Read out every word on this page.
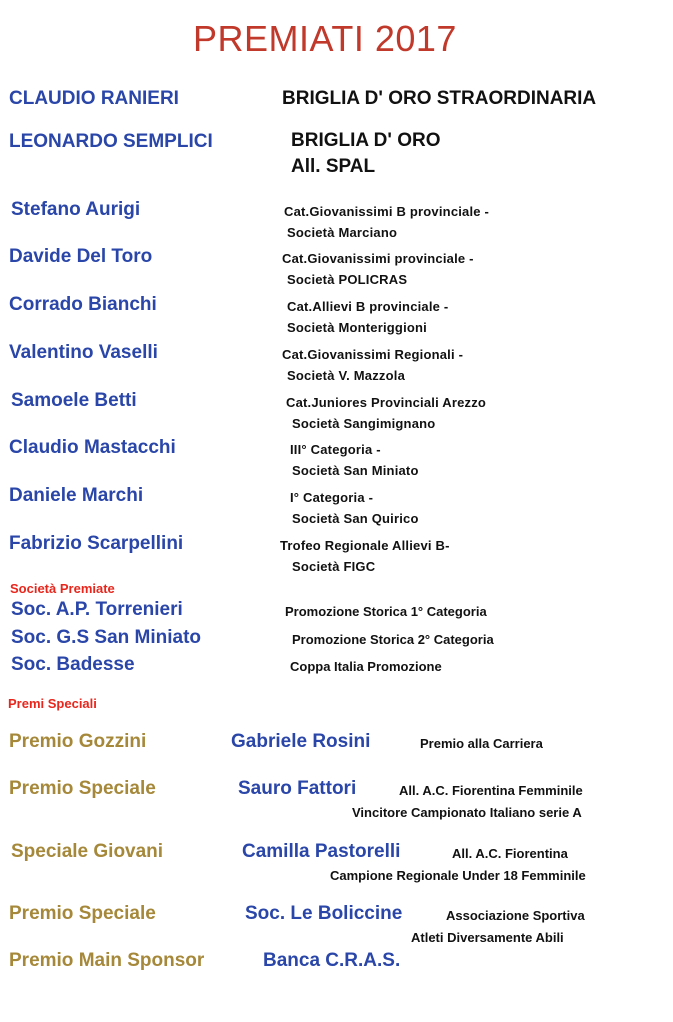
PREMIATI 2017
CLAUDIO RANIERI	BRIGLIA D' ORO STRAORDINARIA
LEONARDO SEMPLICI	BRIGLIA D' ORO
All. SPAL
Stefano Aurigi	Cat.Giovanissimi B provinciale -
Società Marciano
Davide Del Toro	Cat.Giovanissimi provinciale -
Società POLICRAS
Corrado Bianchi	Cat.Allievi B provinciale -
Società Monteriggioni
Valentino Vaselli	Cat.Giovanissimi Regionali -
Società V. Mazzola
Samoele Betti	Cat.Juniores Provinciali Arezzo
Società Sangimignano
Claudio Mastacchi	III° Categoria -
Società San Miniato
Daniele Marchi	I° Categoria -
Società San Quirico
Fabrizio Scarpellini	Trofeo Regionale Allievi B-
Società FIGC
Società Premiate
Soc. A.P. Torrenieri	Promozione Storica 1° Categoria
Soc. G.S San Miniato	Promozione Storica 2° Categoria
Soc. Badesse	Coppa Italia Promozione
Premi Speciali
Premio Gozzini	Gabriele Rosini	Premio alla Carriera
Premio Speciale	Sauro Fattori	All. A.C. Fiorentina Femminile
Vincitore Campionato Italiano serie A
Speciale Giovani	Camilla Pastorelli	All. A.C. Fiorentina
Campione Regionale Under 18 Femminile
Premio Speciale	Soc. Le Boliccine	Associazione Sportiva
Atleti Diversamente Abili
Premio Main Sponsor	Banca C.R.A.S.
